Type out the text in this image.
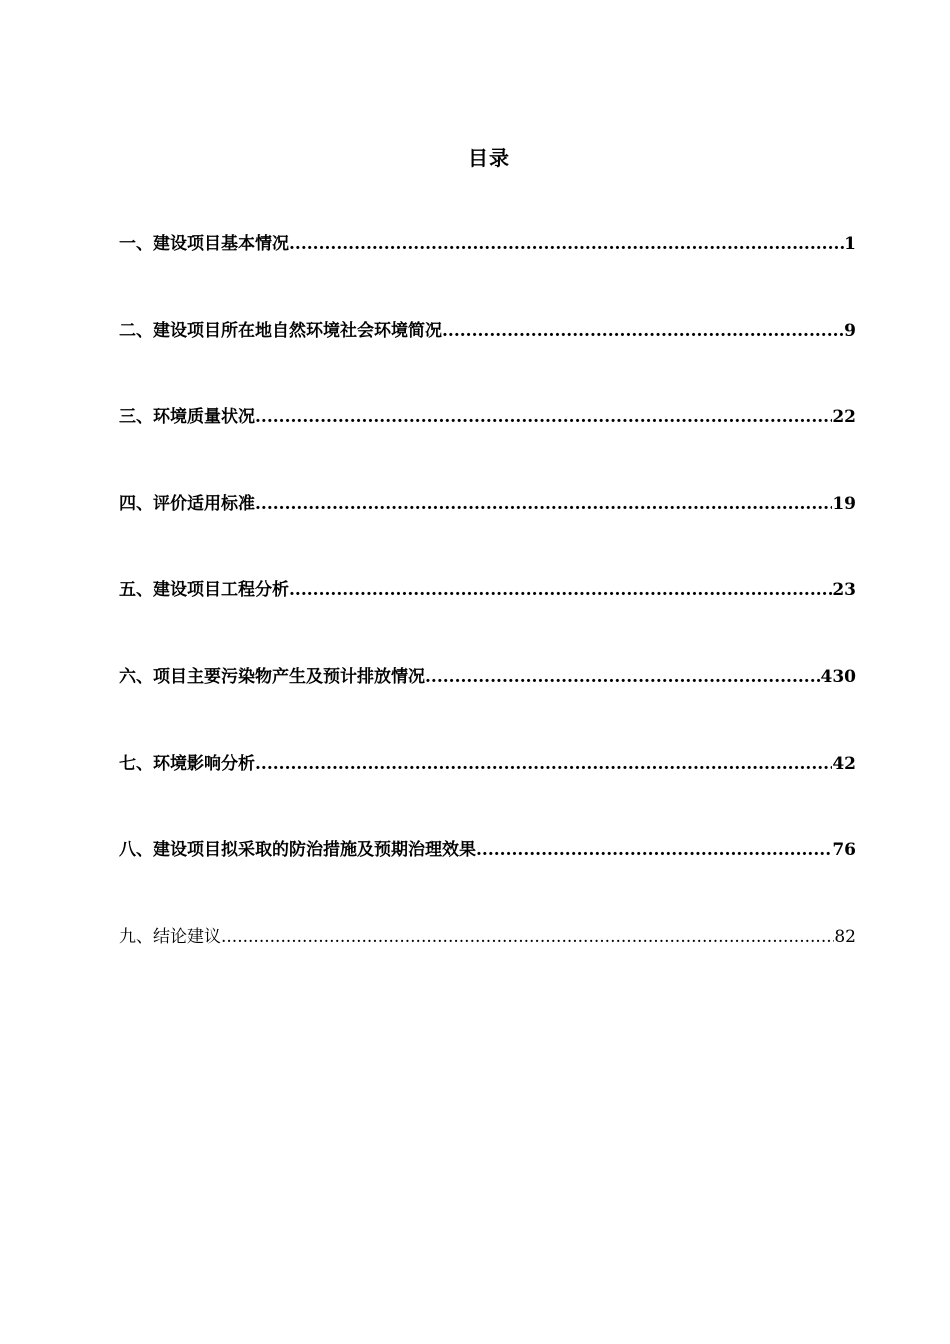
目录
一、建设项目基本情况 .....	1
二、建设项目所在地自然环境社会环境简况 .....	9
三、环境质量状况 .....	22
四、评价适用标准 .....	19
五、建设项目工程分析 .....	23
六、项目主要污染物产生及预计排放情况 .....	430
七、环境影响分析 .....	42
八、建设项目拟采取的防治措施及预期治理效果 .....	76
九、结论建议 .....	82
